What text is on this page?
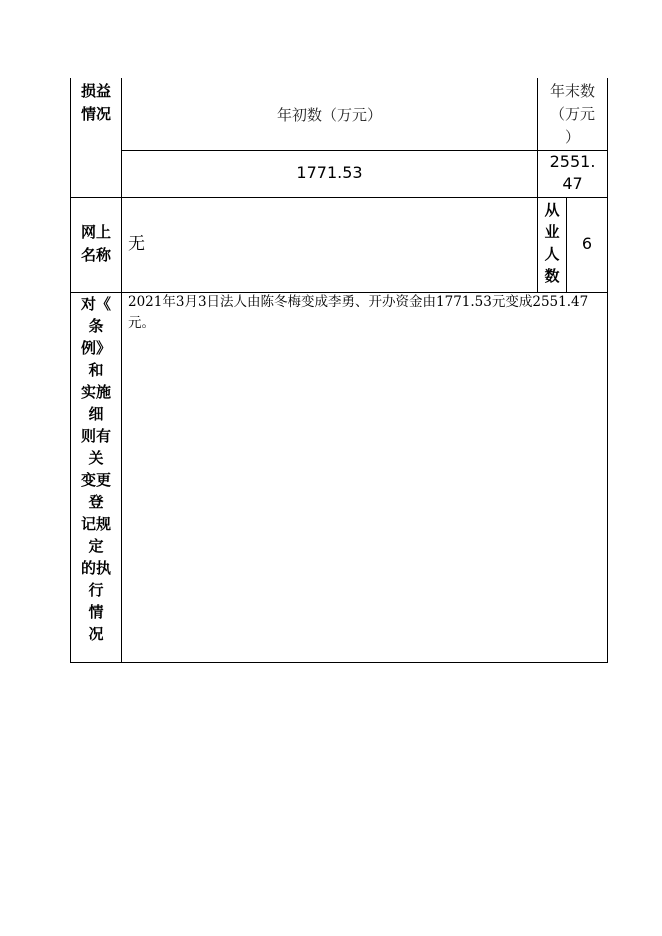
损益
情况	年初数（万元）
年末数
（万元
）
1771.53
2551.
47
网上
名称
无
从
业
人
数
6
对《
条
例》
和
实施
细
则有
关
变更
登
记规
定
的执
行
情
况
2021年3月3日法人由陈冬梅变成李勇、开办资金由1771.53元变成2551.47元。
